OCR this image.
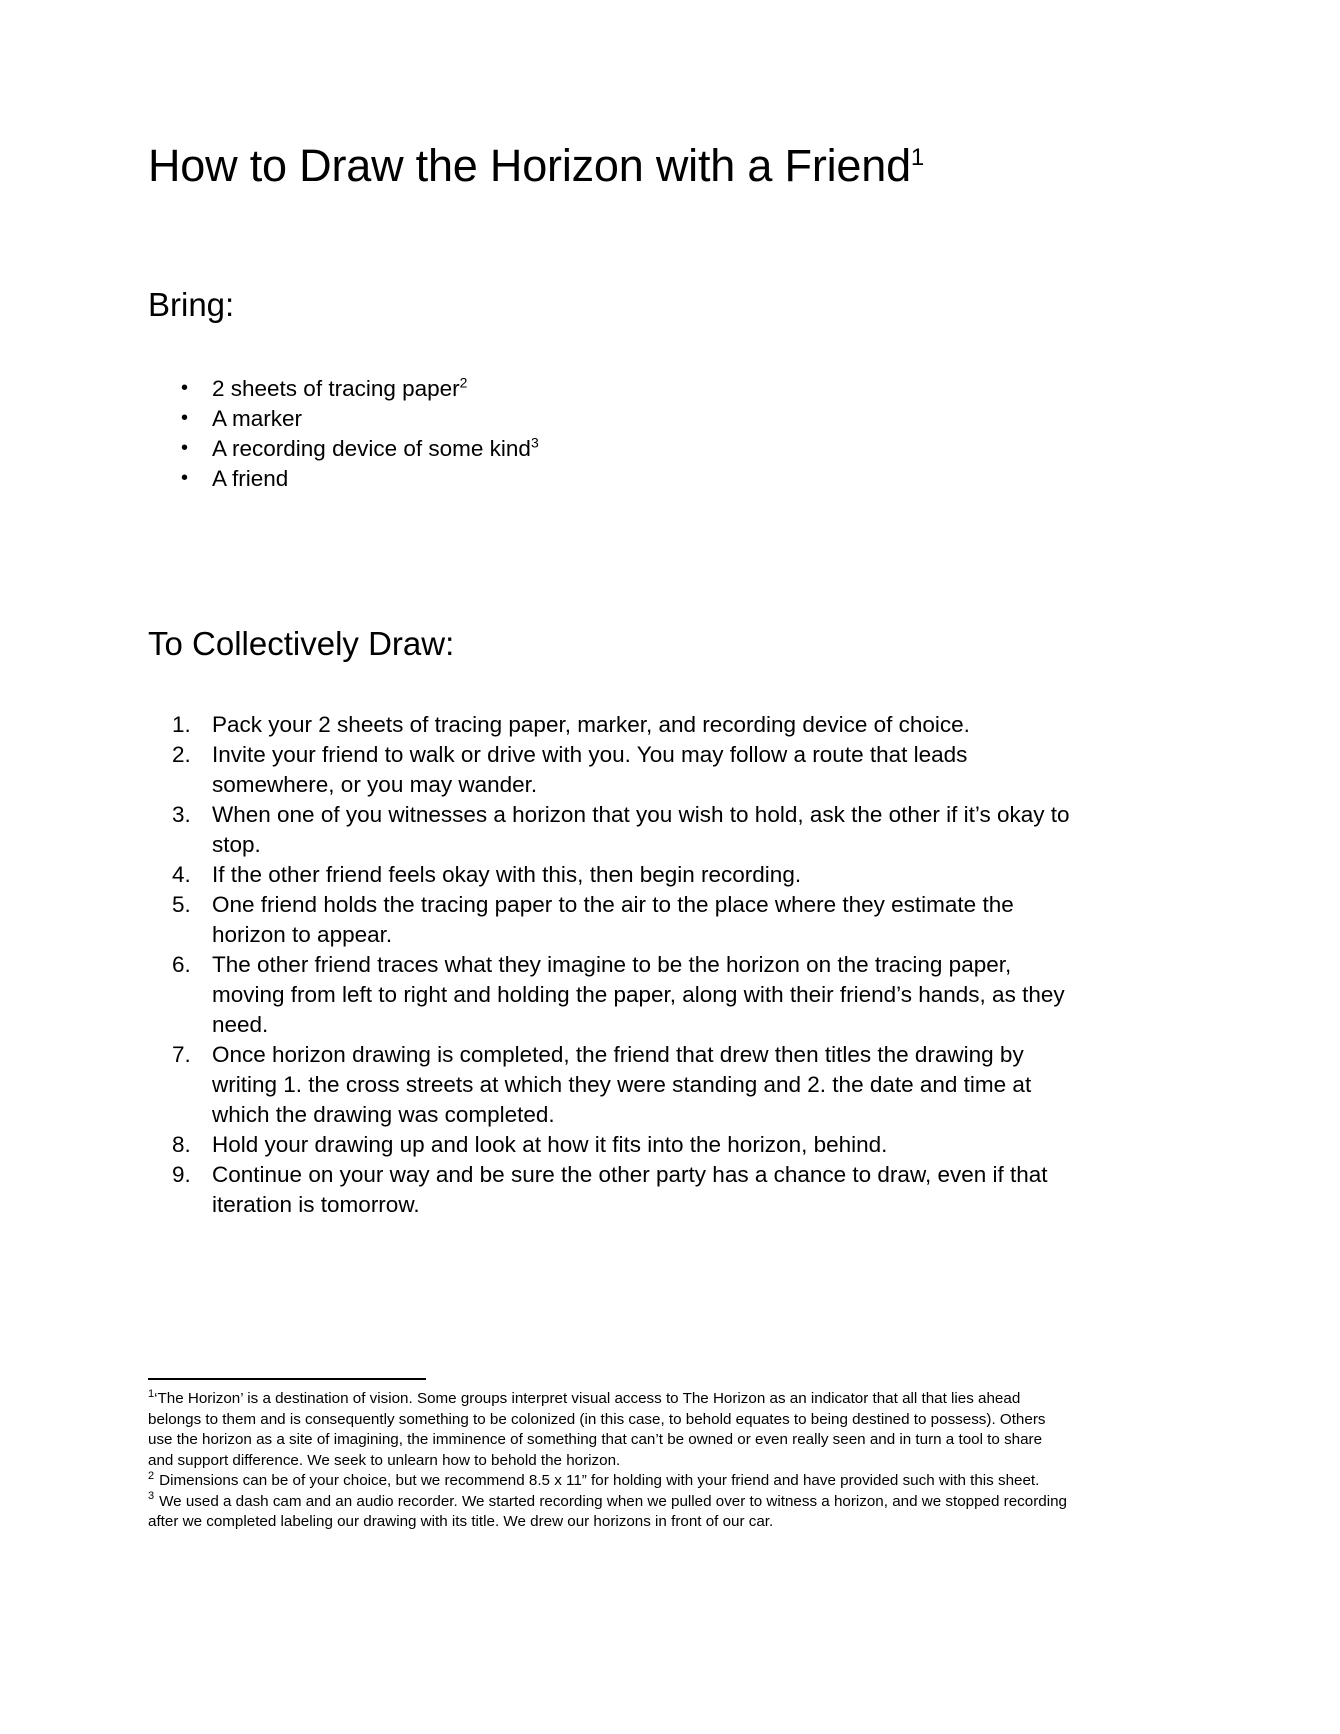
How to Draw the Horizon with a Friend$^1$
Bring:
• 2 sheets of tracing paper$^2$
• A marker
• A recording device of some kind$^3$
• A friend
To Collectively Draw:
Pack your 2 sheets of tracing paper, marker, and recording device of choice.
Invite your friend to walk or drive with you. You may follow a route that leads somewhere, or you may wander.
When one of you witnesses a horizon that you wish to hold, ask the other if it’s okay to stop.
If the other friend feels okay with this, then begin recording.
One friend holds the tracing paper to the air to the place where they estimate the horizon to appear.
The other friend traces what they imagine to be the horizon on the tracing paper, moving from left to right and holding the paper, along with their friend’s hands, as they need.
Once horizon drawing is completed, the friend that drew then titles the drawing by writing 1. the cross streets at which they were standing and 2. the date and time at which the drawing was completed.
Hold your drawing up and look at how it fits into the horizon, behind.
Continue on your way and be sure the other party has a chance to draw, even if that iteration is tomorrow.

$^1$‘The Horizon’ is a destination of vision. Some groups interpret visual access to The Horizon as an indicator that all that lies ahead belongs to them and is consequently something to be colonized (in this case, to behold equates to being destined to possess). Others use the horizon as a site of imagining, the imminence of something that can’t be owned or even really seen and in turn a tool to share and support difference. We seek to unlearn how to behold the horizon.

$^2$ Dimensions can be of your choice, but we recommend 8.5 x 11” for holding with your friend and have provided such with this sheet.

$^3$ We used a dash cam and an audio recorder. We started recording when we pulled over to witness a horizon, and we stopped recording after we completed labeling our drawing with its title. We drew our horizons in front of our car.
